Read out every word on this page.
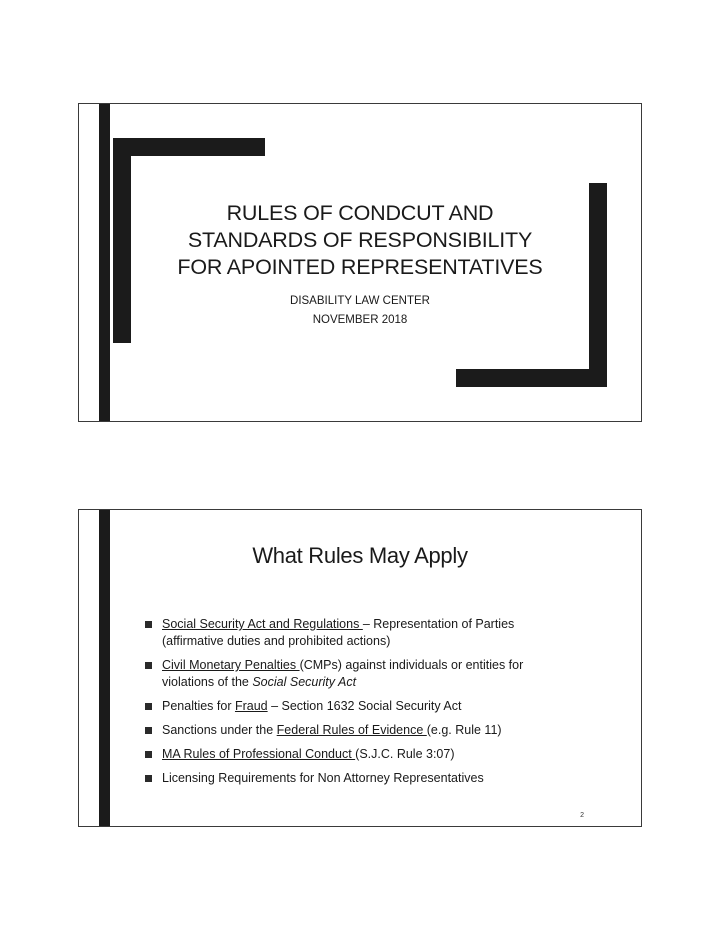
RULES OF CONDCUT AND
STANDARDS OF RESPONSIBILITY
FOR APOINTED REPRESENTATIVES
DISABILITY LAW CENTER
NOVEMBER 2018
What Rules May Apply
Social Security Act and Regulations – Representation of Parties
(affirmative duties and prohibited actions)
Civil Monetary Penalties (CMPs) against individuals or entities for
violations of the Social Security Act
Penalties for Fraud – Section 1632 Social Security Act
Sanctions under the Federal Rules of Evidence (e.g. Rule 11)
MA Rules of Professional Conduct (S.J.C. Rule 3:07)
Licensing Requirements for Non Attorney Representatives
2
